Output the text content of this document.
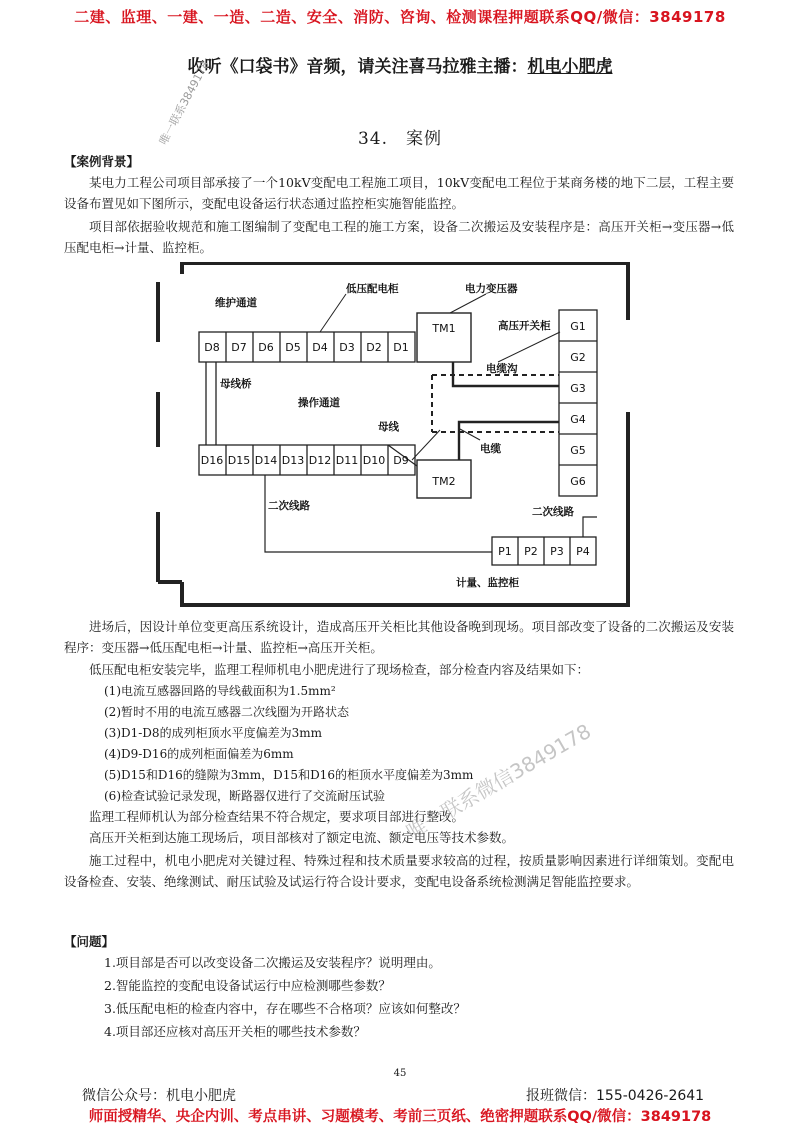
二建、监理、一建、一造、二造、安全、消防、咨询、检测课程押题联系QQ/微信：3849178
收听《口袋书》音频，请关注喜马拉雅主播：机电小肥虎
34.　案例
唯一联系3849178
【案例背景】
某电力工程公司项目部承接了一个10kV变配电工程施工项目，10kV变配电工程位于某商务楼的地下二层，工程主要设备布置见如下图所示，变配电设备运行状态通过监控柜实施智能监控。
项目部依据验收规范和施工图编制了变配电工程的施工方案，设备二次搬运及安装程序是：高压开关柜→变压器→低压配电柜→计量、监控柜。
维护通道
低压配电柜	电力变压器
高压开关柜
电缆沟
母线桥
操作通道
母线
电缆
二次线路	二次线路
计量、监控柜
D8 D7 D6 D5 D4 D3 D2 D1
D16 D15 D14 D13 D12 D11 D10 D9
TM1
TM2
G1
G2
G3
G4
G5
G6
P1 P2 P3 P4
进场后，因设计单位变更高压系统设计，造成高压开关柜比其他设备晚到现场。项目部改变了设备的二次搬运及安装程序：变压器→低压配电柜→计量、监控柜→高压开关柜。
低压配电柜安装完毕，监理工程师机电小肥虎进行了现场检查，部分检查内容及结果如下：
(1)电流互感器回路的导线截面积为1.5mm²
(2)暂时不用的电流互感器二次线圈为开路状态
(3)D1-D8的成列柜顶水平度偏差为3mm
(4)D9-D16的成列柜面偏差为6mm
(5)D15和D16的缝隙为3mm，D15和D16的柜顶水平度偏差为3mm
(6)检查试验记录发现，断路器仅进行了交流耐压试验
监理工程师机认为部分检查结果不符合规定，要求项目部进行整改。
高压开关柜到达施工现场后，项目部核对了额定电流、额定电压等技术参数。
施工过程中，机电小肥虎对关键过程、特殊过程和技术质量要求较高的过程，按质量影响因素进行详细策划。变配电设备检查、安装、绝缘测试、耐压试验及试运行符合设计要求，变配电设备系统检测满足智能监控要求。
唯一联系微信3849178
【问题】
1.项目部是否可以改变设备二次搬运及安装程序？说明理由。
2.智能监控的变配电设备试运行中应检测哪些参数？
3.低压配电柜的检查内容中，存在哪些不合格项？应该如何整改？
4.项目部还应核对高压开关柜的哪些技术参数？
45
微信公众号：机电小肥虎	报班微信：155-0426-2641
师面授精华、央企内训、考点串讲、习题模考、考前三页纸、绝密押题联系QQ/微信：3849178
